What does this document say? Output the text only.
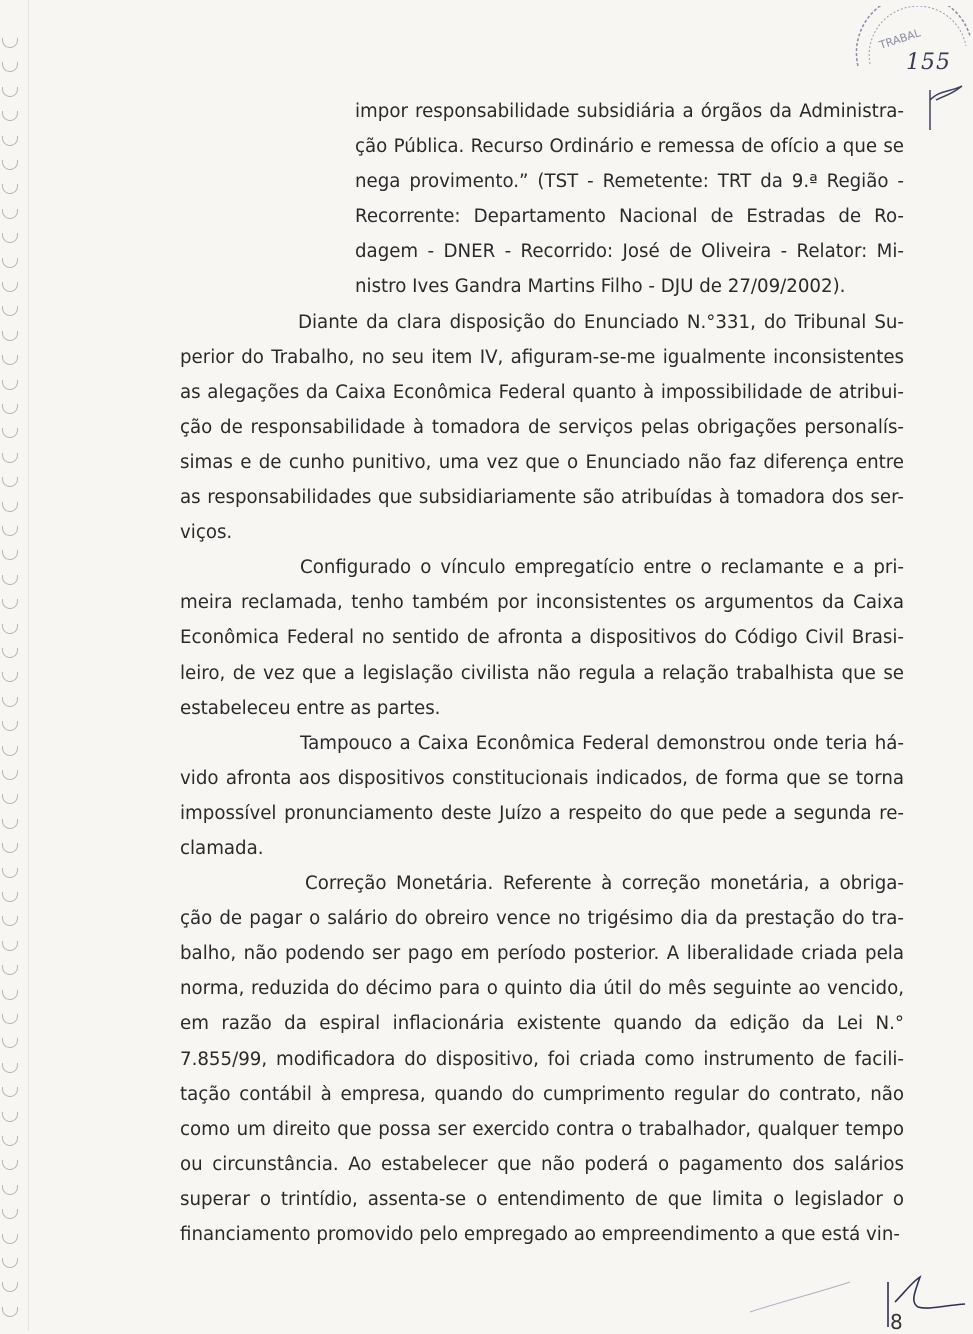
TRABAL
155

impor responsabilidade subsidiária a órgãos da Administra-ção Pública. Recurso Ordinário e remessa de ofício a que se nega provimento.” (TST - Remetente: TRT da 9.ª Região - Recorrente: Departamento Nacional de Estradas de Ro-dagem - DNER - Recorrido: José de Oliveira - Relator: Mi-nistro Ives Gandra Martins Filho - DJU de 27/09/2002).

Diante da clara disposição do Enunciado N.°331, do Tribunal Su-perior do Trabalho, no seu item IV, afiguram-se-me igualmente inconsistentes as alegações da Caixa Econômica Federal quanto à impossibilidade de atribui-ção de responsabilidade à tomadora de serviços pelas obrigações personalís-simas e de cunho punitivo, uma vez que o Enunciado não faz diferença entre as responsabilidades que subsidiariamente são atribuídas à tomadora dos ser-viços.

Configurado o vínculo empregatício entre o reclamante e a pri-meira reclamada, tenho também por inconsistentes os argumentos da Caixa Econômica Federal no sentido de afronta a dispositivos do Código Civil Brasi-leiro, de vez que a legislação civilista não regula a relação trabalhista que se estabeleceu entre as partes.

Tampouco a Caixa Econômica Federal demonstrou onde teria há-vido afronta aos dispositivos constitucionais indicados, de forma que se torna impossível pronunciamento deste Juízo a respeito do que pede a segunda re-clamada.

Correção Monetária. Referente à correção monetária, a obriga-ção de pagar o salário do obreiro vence no trigésimo dia da prestação do tra-balho, não podendo ser pago em período posterior. A liberalidade criada pela norma, reduzida do décimo para o quinto dia útil do mês seguinte ao vencido, em razão da espiral inflacionária existente quando da edição da Lei N.° 7.855/99, modificadora do dispositivo, foi criada como instrumento de facili-tação contábil à empresa, quando do cumprimento regular do contrato, não como um direito que possa ser exercido contra o trabalhador, qualquer tempo ou circunstância. Ao estabelecer que não poderá o pagamento dos salários superar o trintídio, assenta-se o entendimento de que limita o legislador o financiamento promovido pelo empregado ao empreendimento a que está vin-

8
